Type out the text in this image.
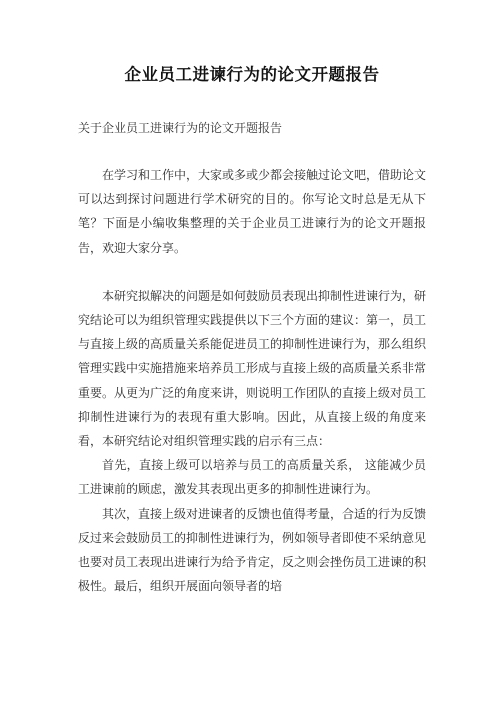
企业员工进谏行为的论文开题报告

关于企业员工进谏行为的论文开题报告

在学习和工作中，大家或多或少都会接触过论文吧，借助论文可以达到探讨问题进行学术研究的目的。你写论文时总是无从下笔？下面是小编收集整理的关于企业员工进谏行为的论文开题报告，欢迎大家分享。

本研究拟解决的问题是如何鼓励员表现出抑制性进谏行为，研究结论可以为组织管理实践提供以下三个方面的建议：第一，员工与直接上级的高质量关系能促进员工的抑制性进谏行为，那么组织管理实践中实施措施来培养员工形成与直接上级的高质量关系非常重要。从更为广泛的角度来讲，则说明工作团队的直接上级对员工抑制性进谏行为的表现有重大影响。因此，从直接上级的角度来看，本研究结论对组织管理实践的启示有三点：

首先，直接上级可以培养与员工的高质量关系， 这能减少员工进谏前的顾虑，激发其表现出更多的抑制性进谏行为。

其次，直接上级对进谏者的反馈也值得考量，合适的行为反馈反过来会鼓励员工的抑制性进谏行为，例如领导者即使不采纳意见也要对员工表现出进谏行为给予肯定，反之则会挫伤员工进谏的积极性。最后，组织开展面向领导者的培
